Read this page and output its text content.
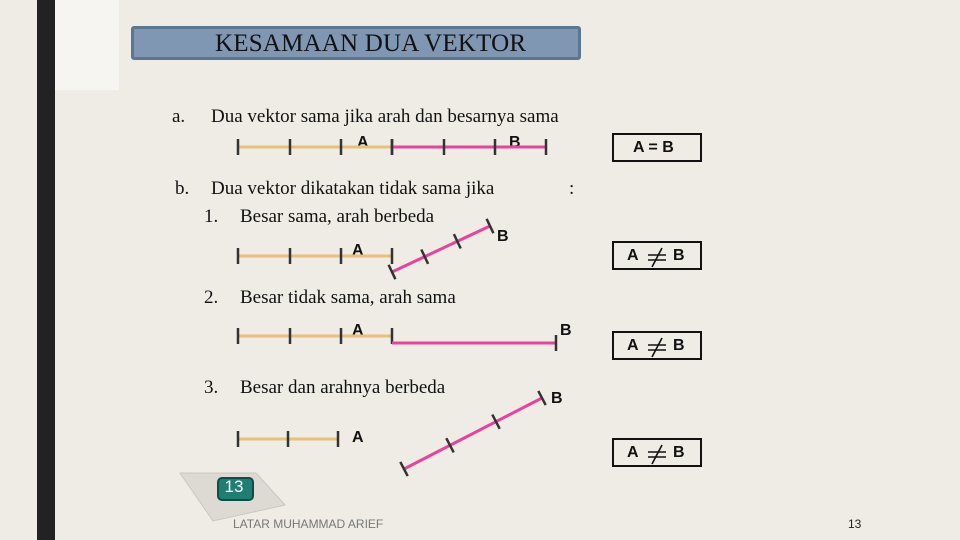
KESAMAAN DUA VEKTOR
a. Dua vektor sama jika arah dan besarnya sama
A	B	A = B
b. Dua vektor dikatakan tidak sama jika	:
1. Besar sama, arah berbeda
A
B
A B
2. Besar tidak sama, arah sama
A	B
A B
3. Besar dan arahnya berbeda
A
B
A B
13
LATAR MUHAMMAD ARIEF	13
